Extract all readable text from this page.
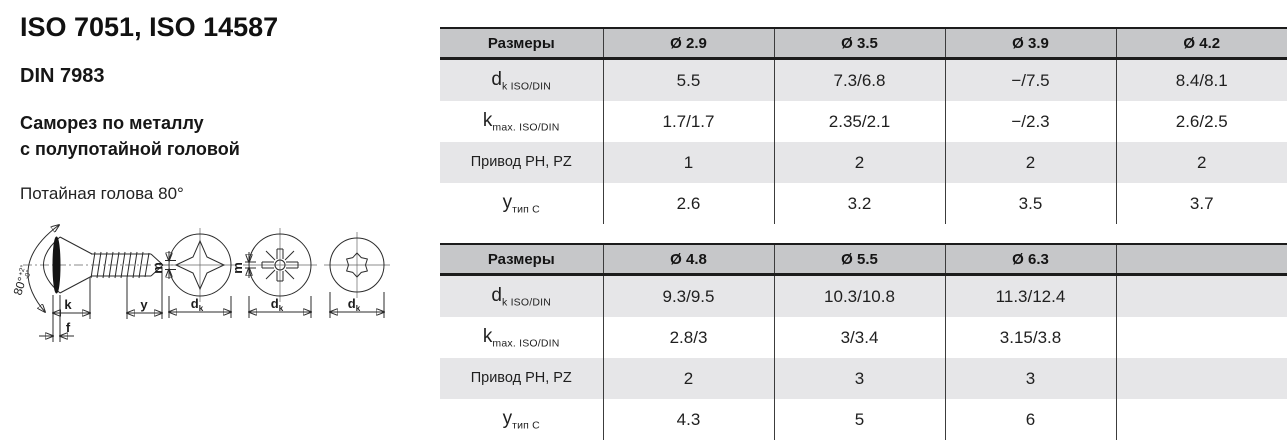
ISO 7051, ISO 14587
DIN 7983
Саморез по металлу
с полупотайной головой
Потайная голова 80°
80°$^{+2^\circ}$-0°
k
f
y
m
$d_k$
m
$d_k$	$d_k$
Размеры	Ø 2.9	Ø 3.5	Ø 3.9	Ø 4.2
$d_{k ISO/DIN}$	5.5	7.3/6.8	−/7.5	8.4/8.1
$k_{max. ISO/DIN}$	1.7/1.7	2.35/2.1	−/2.3	2.6/2.5
Привод PH, PZ	1	2	2	2
$y_{тип C}$	2.6	3.2	3.5	3.7
Размеры	Ø 4.8	Ø 5.5	Ø 6.3	
$d_{k ISO/DIN}$	9.3/9.5	10.3/10.8	11.3/12.4	
$k_{max. ISO/DIN}$	2.8/3	3/3.4	3.15/3.8	
Привод PH, PZ	2	3	3	
$y_{тип C}$	4.3	5	6	
